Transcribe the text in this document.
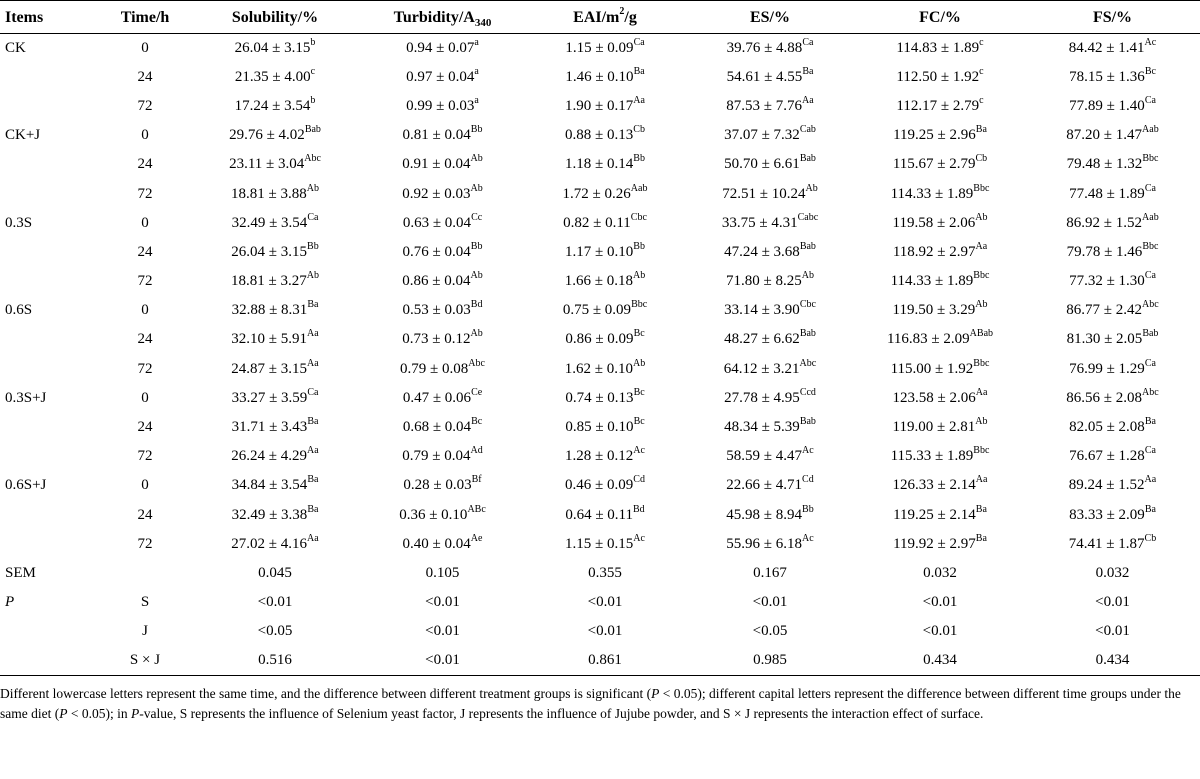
Items	Time/h	Solubility/%	Turbidity/$A_{340}$	EAI/$m^2/g$	ES/%	FC/%	FS/%
CK	0	26.04 ± 3.15$^b$	0.94 ± 0.07$^a$	$1.15 \pm 0.09^{Ca}$	$39.76 \pm 4.88^{Ca}$	114.83 ± 1.89$^c$	$84.42 \pm 1.41^{Ac}$
	24	21.35 ± 4.00$^c$	0.97 ± 0.04$^a$	$1.46 \pm 0.10^{Ba}$	$54.61 \pm 4.55^{Ba}$	112.50 ± 1.92$^c$	$78.15 \pm 1.36^{Bc}$
	72	17.24 ± 3.54$^b$	0.99 ± 0.03$^a$	$1.90 \pm 0.17^{Aa}$	$87.53 \pm 7.76^{Aa}$	112.17 ± 2.79$^c$	$77.89 \pm 1.40^{Ca}$
CK+J	0	$29.76 \pm 4.02^{Bab}$	$0.81 \pm 0.04^{Bb}$	$0.88 \pm 0.13^{Cb}$	$37.07 \pm 7.32^{Cab}$	$119.25 \pm 2.96^{Ba}$	$87.20 \pm 1.47^{Aab}$
	24	$23.11 \pm 3.04^{Abc}$	$0.91 \pm 0.04^{Ab}$	$1.18 \pm 0.14^{Bb}$	$50.70 \pm 6.61^{Bab}$	$115.67 \pm 2.79^{Cb}$	$79.48 \pm 1.32^{Bbc}$
	72	$18.81 \pm 3.88^{Ab}$	$0.92 \pm 0.03^{Ab}$	$1.72 \pm 0.26^{Aab}$	$72.51 \pm 10.24^{Ab}$	$114.33 \pm 1.89^{Bbc}$	$77.48 \pm 1.89^{Ca}$
0.3S	0	$32.49 \pm 3.54^{Ca}$	$0.63 \pm 0.04^{Cc}$	$0.82 \pm 0.11^{Cbc}$	$33.75 \pm 4.31^{Cabc}$	$119.58 \pm 2.06^{Ab}$	$86.92 \pm 1.52^{Aab}$
	24	$26.04 \pm 3.15^{Bb}$	$0.76 \pm 0.04^{Bb}$	$1.17 \pm 0.10^{Bb}$	$47.24 \pm 3.68^{Bab}$	$118.92 \pm 2.97^{Aa}$	$79.78 \pm 1.46^{Bbc}$
	72	$18.81 \pm 3.27^{Ab}$	$0.86 \pm 0.04^{Ab}$	$1.66 \pm 0.18^{Ab}$	$71.80 \pm 8.25^{Ab}$	$114.33 \pm 1.89^{Bbc}$	$77.32 \pm 1.30^{Ca}$
0.6S	0	$32.88 \pm 8.31^{Ba}$	$0.53 \pm 0.03^{Bd}$	$0.75 \pm 0.09^{Bbc}$	$33.14 \pm 3.90^{Cbc}$	$119.50 \pm 3.29^{Ab}$	$86.77 \pm 2.42^{Abc}$
	24	$32.10 \pm 5.91^{Aa}$	$0.73 \pm 0.12^{Ab}$	$0.86 \pm 0.09^{Bc}$	$48.27 \pm 6.62^{Bab}$	$116.83 \pm 2.09^{ABab}$	$81.30 \pm 2.05^{Bab}$
	72	$24.87 \pm 3.15^{Aa}$	$0.79 \pm 0.08^{Abc}$	$1.62 \pm 0.10^{Ab}$	$64.12 \pm 3.21^{Abc}$	$115.00 \pm 1.92^{Bbc}$	$76.99 \pm 1.29^{Ca}$
0.3S+J	0	$33.27 \pm 3.59^{Ca}$	$0.47 \pm 0.06^{Ce}$	$0.74 \pm 0.13^{Bc}$	$27.78 \pm 4.95^{Ccd}$	$123.58 \pm 2.06^{Aa}$	$86.56 \pm 2.08^{Abc}$
	24	$31.71 \pm 3.43^{Ba}$	$0.68 \pm 0.04^{Bc}$	$0.85 \pm 0.10^{Bc}$	$48.34 \pm 5.39^{Bab}$	$119.00 \pm 2.81^{Ab}$	$82.05 \pm 2.08^{Ba}$
	72	$26.24 \pm 4.29^{Aa}$	$0.79 \pm 0.04^{Ad}$	$1.28 \pm 0.12^{Ac}$	$58.59 \pm 4.47^{Ac}$	$115.33 \pm 1.89^{Bbc}$	$76.67 \pm 1.28^{Ca}$
0.6S+J	0	$34.84 \pm 3.54^{Ba}$	$0.28 \pm 0.03^{Bf}$	$0.46 \pm 0.09^{Cd}$	$22.66 \pm 4.71^{Cd}$	$126.33 \pm 2.14^{Aa}$	$89.24 \pm 1.52^{Aa}$
	24	$32.49 \pm 3.38^{Ba}$	$0.36 \pm 0.10^{ABc}$	$0.64 \pm 0.11^{Bd}$	$45.98 \pm 8.94^{Bb}$	$119.25 \pm 2.14^{Ba}$	$83.33 \pm 2.09^{Ba}$
	72	$27.02 \pm 4.16^{Aa}$	$0.40 \pm 0.04^{Ae}$	$1.15 \pm 0.15^{Ac}$	$55.96 \pm 6.18^{Ac}$	$119.92 \pm 2.97^{Ba}$	$74.41 \pm 1.87^{Cb}$
SEM		0.045	0.105	0.355	0.167	0.032	0.032
P	S	<0.01	<0.01	<0.01	<0.01	<0.01	<0.01
	J	<0.05	<0.01	<0.01	<0.05	<0.01	<0.01
	S × J	0.516	<0.01	0.861	0.985	0.434	0.434
Different lowercase letters represent the same time, and the difference between different treatment groups is significant (P < 0.05); different capital letters represent the difference between different time groups under the same diet (P < 0.05); in P-value, S represents the influence of Selenium yeast factor, J represents the influence of Jujube powder, and S × J represents the interaction effect of surface.
